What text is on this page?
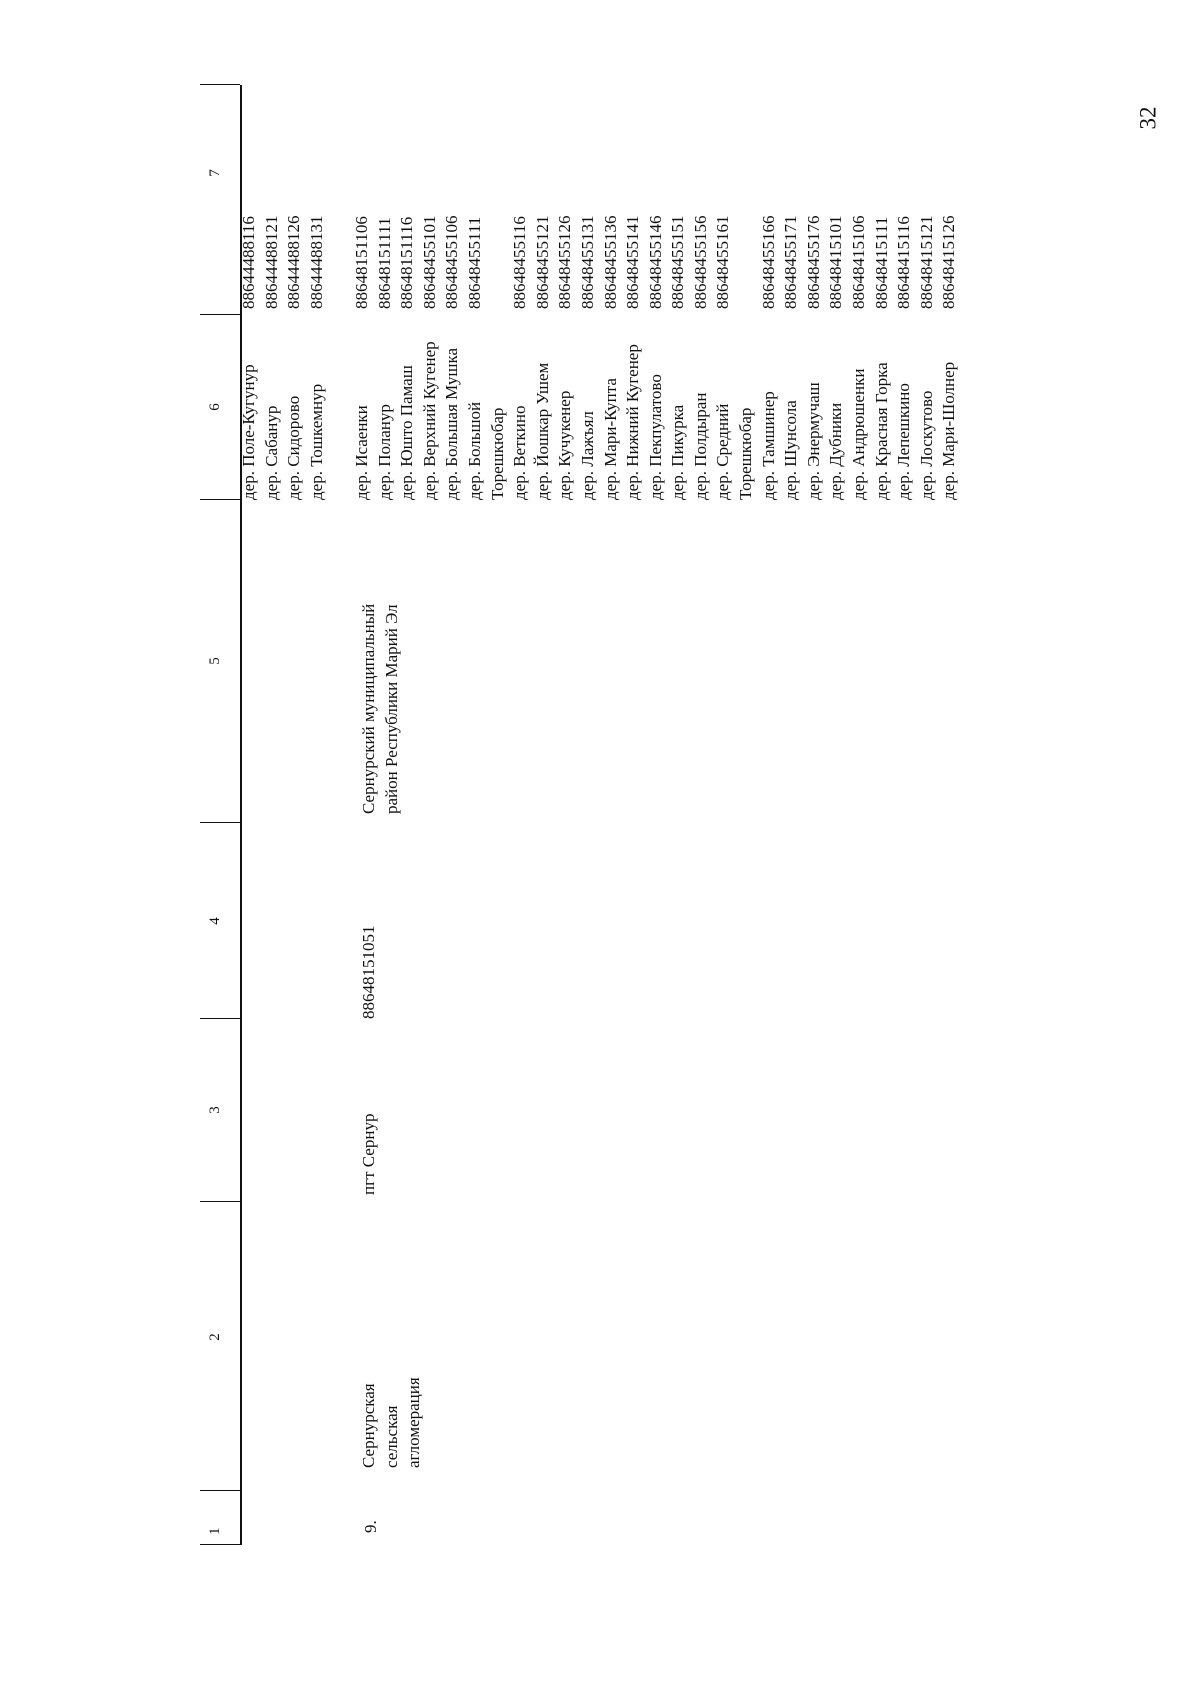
32
1
2
3
4
5
6
7
9.
Сернурская сельская агломерация
пгт Сернур
88648151051
Сернурский муниципальный район Республики Марий Эл
дер. Поле-Кугунур дер. Сабанур дер. Сидорово дер. Тошкемнур дер. Исаенки дер. Поланур дер. Юшто Памаш дер. Верхний Кугенер дер. Большая Мушка дер. Большой Торешкюбар дер. Веткино дер. Йошкар Ушем дер. Кучукенер дер. Лажъял дер. Мари-Купта дер. Нижний Кугенер дер. Пекпулатово дер. Пикурка дер. Полдыран дер. Средний Торешкюбар дер. Тамшинер дер. Шунсола дер. Энермучаш дер. Дубники дер. Андрюшенки дер. Красная Горка дер. Лепешкино дер. Лоскутово дер. Мари-Шолнер
88644488116 88644488121 88644488126 88644488131 88648151106 88648151111 88648151116 88648455101 88648455106 88648455111 88648455116 88648455121 88648455126 88648455131 88648455136 88648455141 88648455146 88648455151 88648455156 88648455161 88648455166 88648455171 88648455176 88648415101 88648415106 88648415111 88648415116 88648415121 88648415126
